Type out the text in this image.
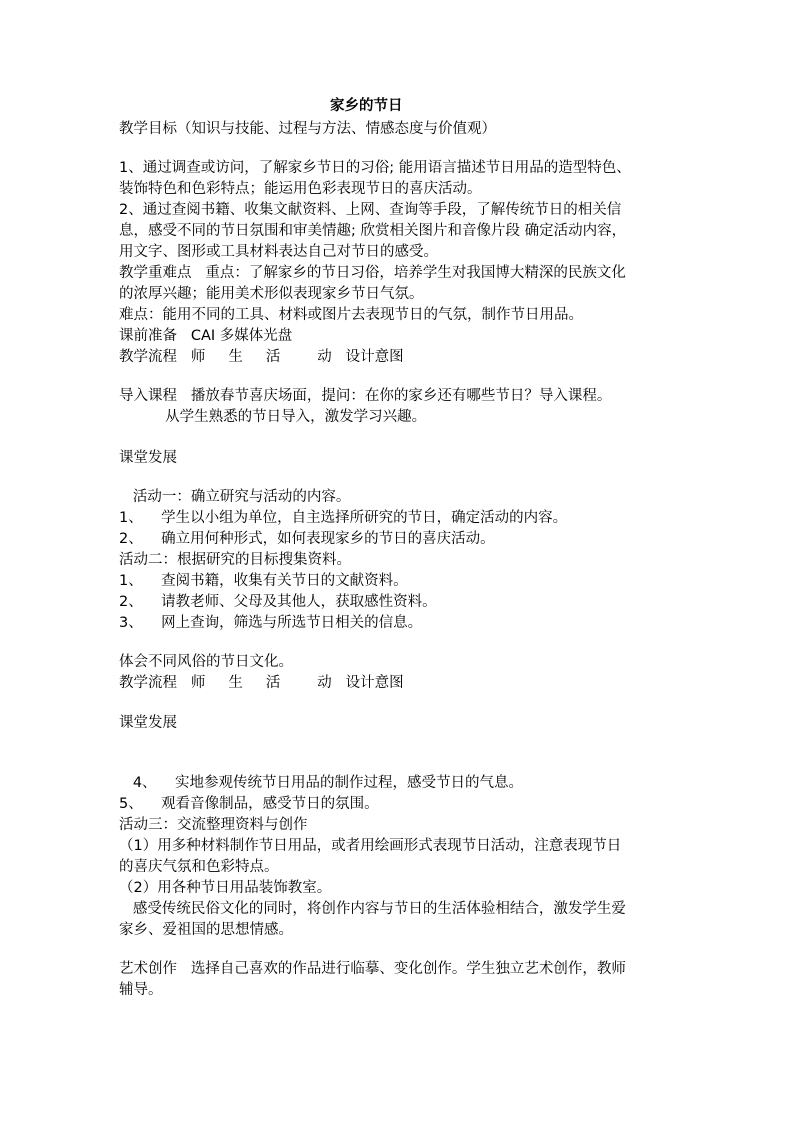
家乡的节日
教学目标（知识与技能、过程与方法、情感态度与价值观）
1、通过调查或访问，了解家乡节日的习俗; 能用语言描述节日用品的造型特色、
装饰特色和色彩特点；能运用色彩表现节日的喜庆活动。
2、通过查阅书籍、收集文献资料、上网、查询等手段，了解传统节日的相关信
息，感受不同的节日氛围和审美情趣; 欣赏相关图片和音像片段 确定活动内容，
用文字、图形或工具材料表达自己对节日的感受。
教学重难点   重点：了解家乡的节日习俗，培养学生对我国博大精深的民族文化
的浓厚兴趣；能用美术形似表现家乡节日气氛。
难点：能用不同的工具、材料或图片去表现节日的气氛，制作节日用品。
课前准备   CAI 多媒体光盘
教学流程   师     生     活        动   设计意图
导入课程   播放春节喜庆场面，提问：在你的家乡还有哪些节日？导入课程。
从学生熟悉的节日导入，激发学习兴趣。
课堂发展
活动一：确立研究与活动的内容。
1、    学生以小组为单位，自主选择所研究的节日，确定活动的内容。
2、    确立用何种形式，如何表现家乡的节日的喜庆活动。
活动二：根据研究的目标搜集资料。
1、    查阅书籍，收集有关节日的文献资料。
2、    请教老师、父母及其他人，获取感性资料。
3、    网上查询，筛选与所选节日相关的信息。
体会不同风俗的节日文化。
教学流程   师     生     活        动   设计意图
课堂发展
4、    实地参观传统节日用品的制作过程，感受节日的气息。
5、    观看音像制品，感受节日的氛围。
活动三：交流整理资料与创作
（1）用多种材料制作节日用品，或者用绘画形式表现节日活动，注意表现节日
的喜庆气氛和色彩特点。
（2）用各种节日用品装饰教室。
感受传统民俗文化的同时，将创作内容与节日的生活体验相结合，激发学生爱
家乡、爱祖国的思想情感。
艺术创作   选择自己喜欢的作品进行临摹、变化创作。学生独立艺术创作，教师
辅导。
